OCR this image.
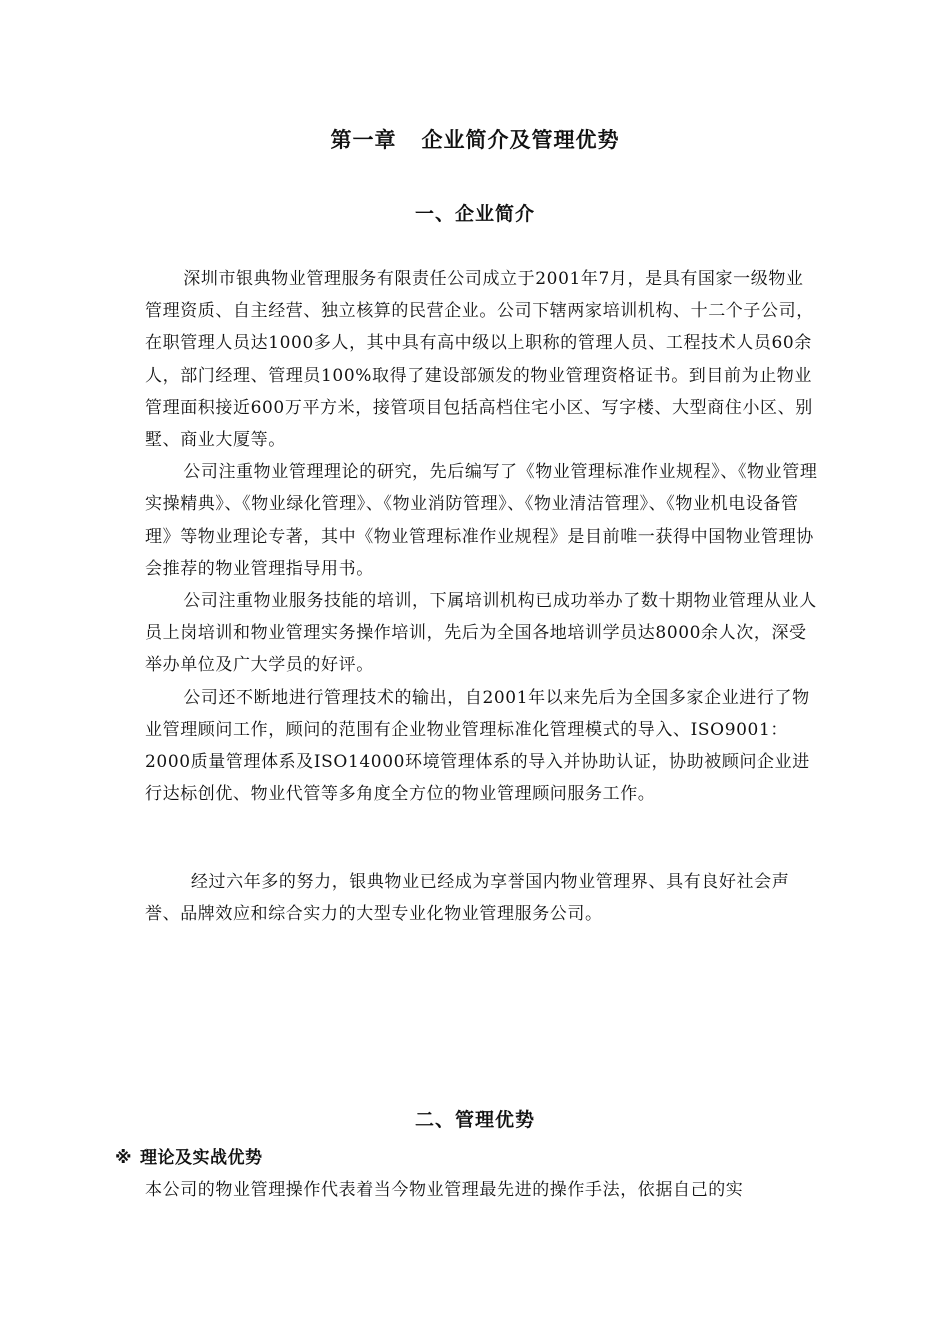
第一章   企业简介及管理优势
一、企业简介

深圳市银典物业管理服务有限责任公司成立于2001年7月，是具有国家一级物业管理资质、自主经营、独立核算的民营企业。公司下辖两家培训机构、十二个子公司，在职管理人员达1000多人，其中具有高中级以上职称的管理人员、工程技术人员60余人，部门经理、管理员100%取得了建设部颁发的物业管理资格证书。到目前为止物业管理面积接近600万平方米，接管项目包括高档住宅小区、写字楼、大型商住小区、别墅、商业大厦等。

公司注重物业管理理论的研究，先后编写了《物业管理标准作业规程》、《物业管理实操精典》、《物业绿化管理》、《物业消防管理》、《物业清洁管理》、《物业机电设备管理》等物业理论专著，其中《物业管理标准作业规程》是目前唯一获得中国物业管理协会推荐的物业管理指导用书。

公司注重物业服务技能的培训，下属培训机构已成功举办了数十期物业管理从业人员上岗培训和物业管理实务操作培训，先后为全国各地培训学员达8000余人次，深受举办单位及广大学员的好评。

公司还不断地进行管理技术的输出，自2001年以来先后为全国多家企业进行了物业管理顾问工作，顾问的范围有企业物业管理标准化管理模式的导入、ISO9001：2000质量管理体系及ISO14000环境管理体系的导入并协助认证，协助被顾问企业进行达标创优、物业代管等多角度全方位的物业管理顾问服务工作。

经过六年多的努力，银典物业已经成为享誉国内物业管理界、具有良好社会声誉、品牌效应和综合实力的大型专业化物业管理服务公司。

二、管理优势
※ 理论及实战优势

本公司的物业管理操作代表着当今物业管理最先进的操作手法，依据自己的实
